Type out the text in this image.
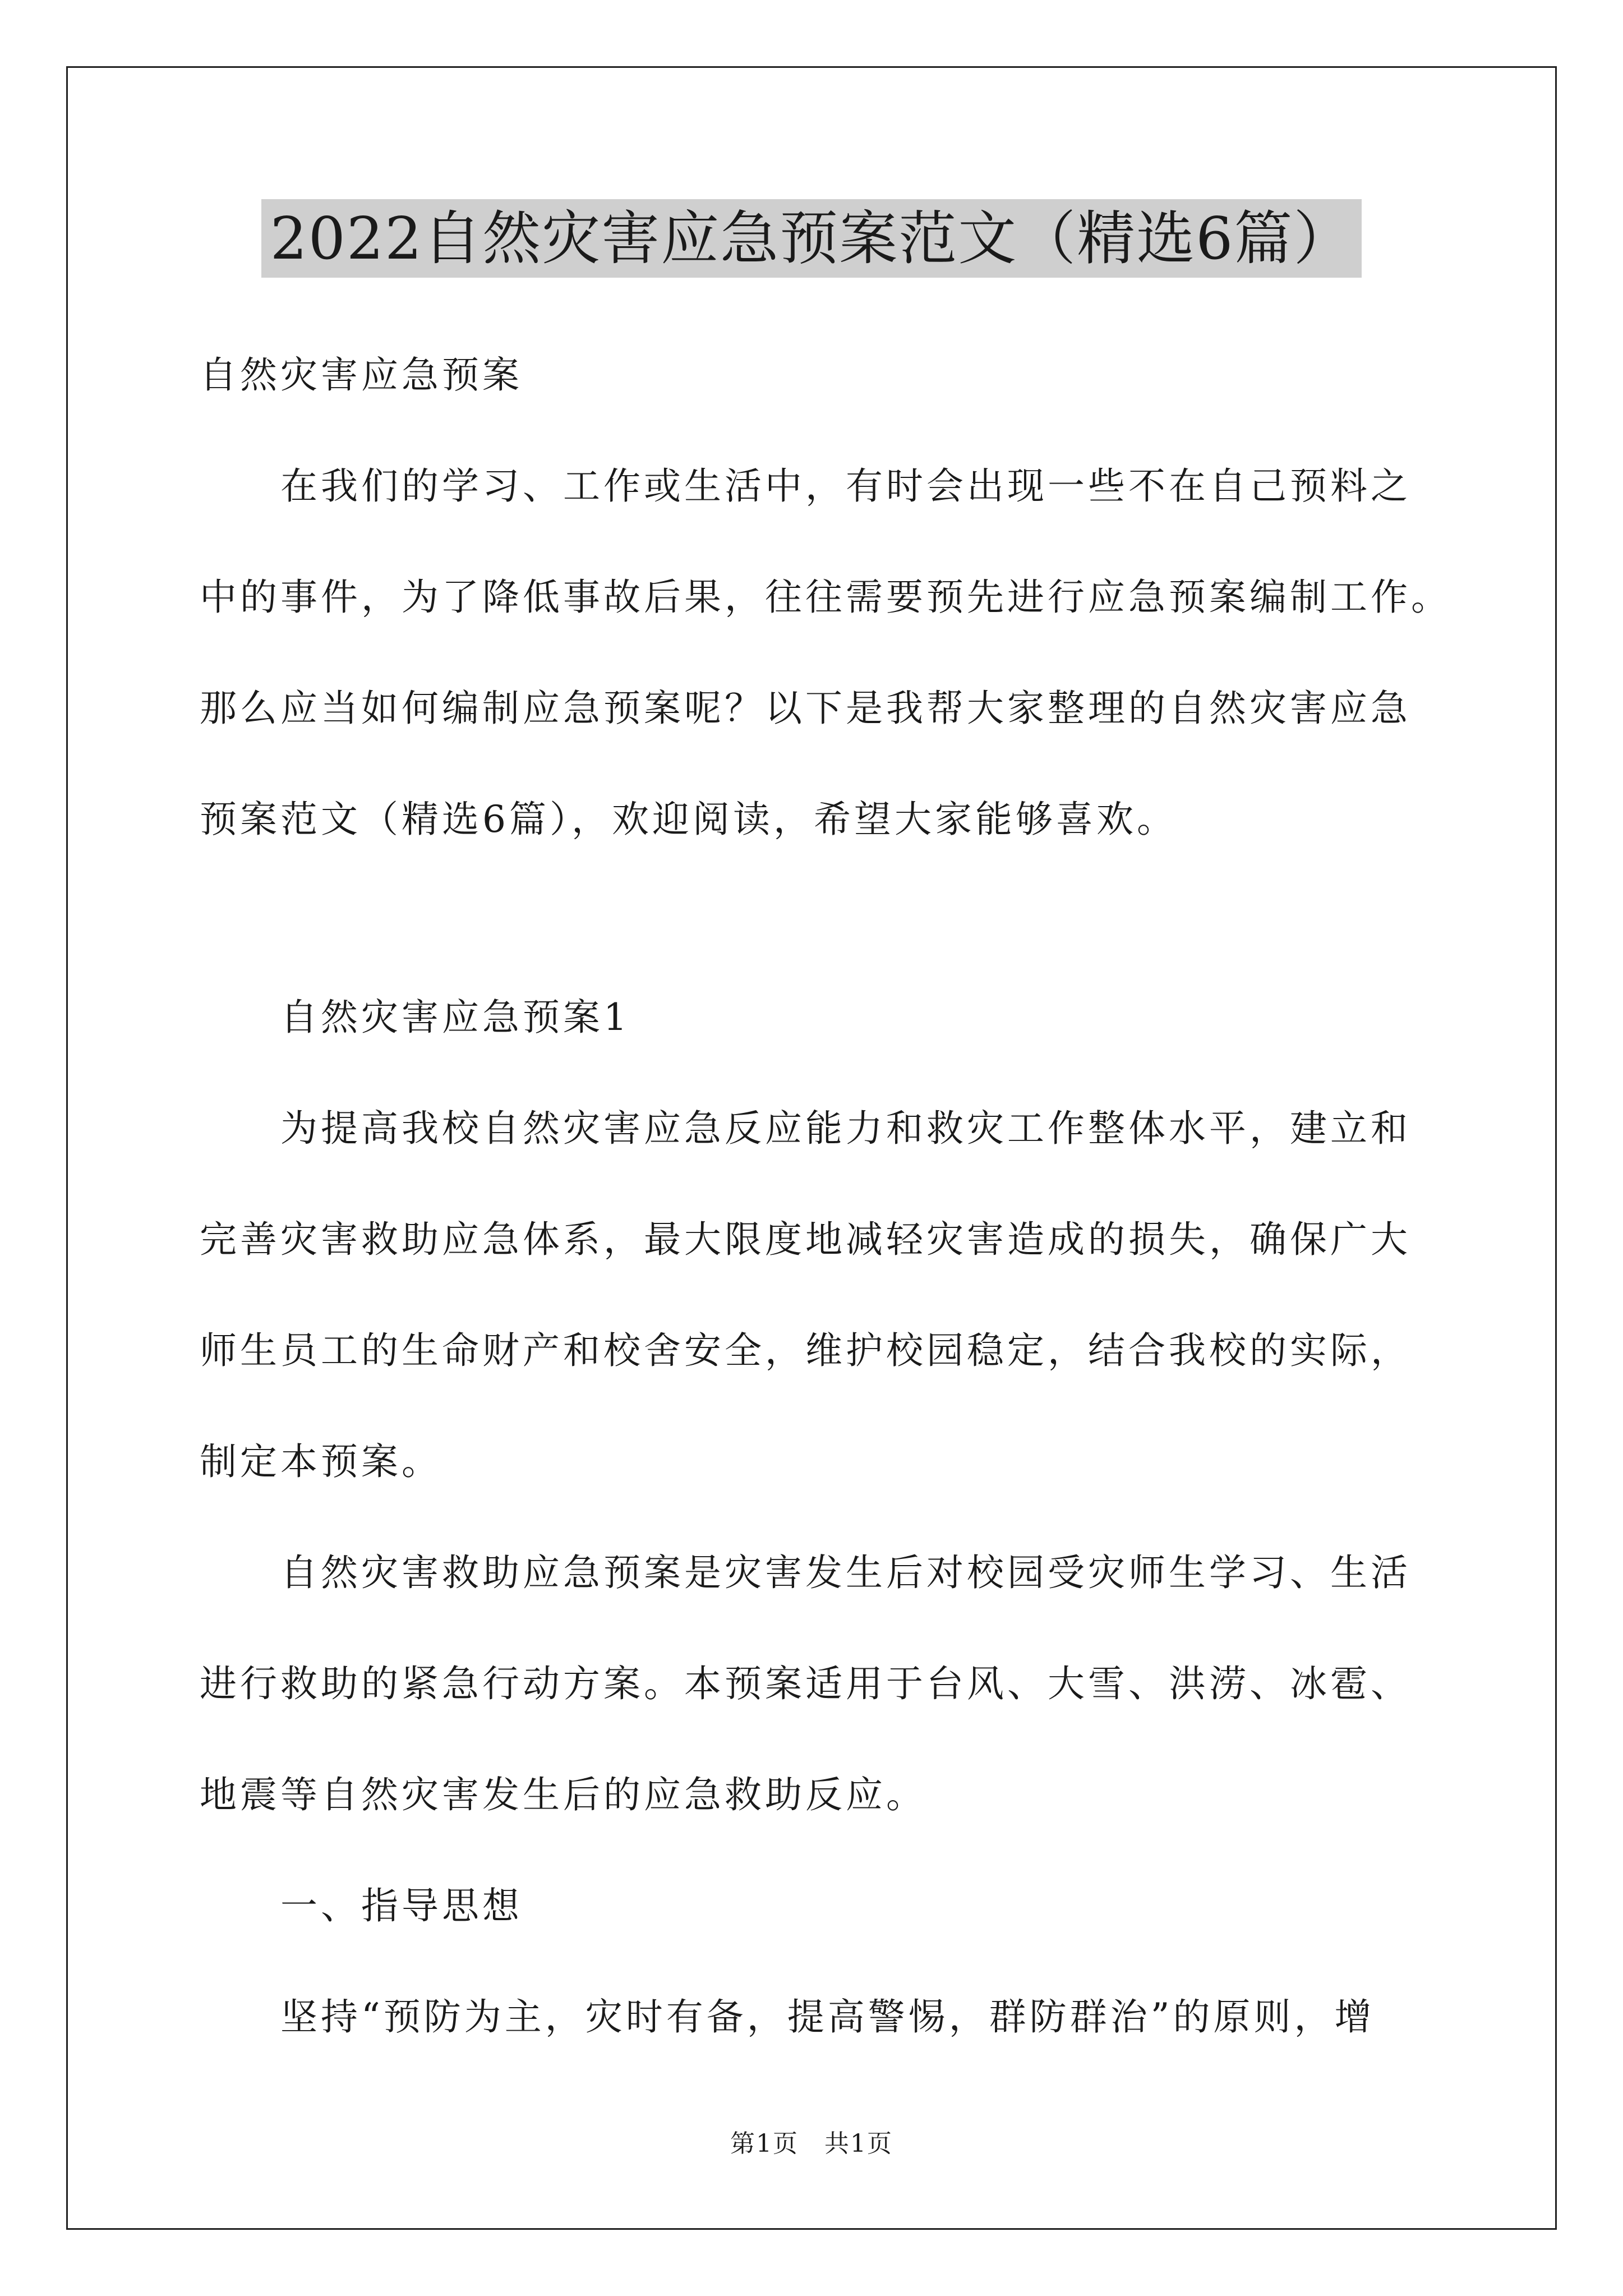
2022自然灾害应急预案范文（精选6篇）
自然灾害应急预案
在我们的学习、工作或生活中，有时会出现一些不在自己预料之
中的事件，为了降低事故后果，往往需要预先进行应急预案编制工作。
那么应当如何编制应急预案呢？以下是我帮大家整理的自然灾害应急
预案范文（精选6篇），欢迎阅读，希望大家能够喜欢。
自然灾害应急预案1
为提高我校自然灾害应急反应能力和救灾工作整体水平，建立和
完善灾害救助应急体系，最大限度地减轻灾害造成的损失，确保广大
师生员工的生命财产和校舍安全，维护校园稳定，结合我校的实际，
制定本预案。
自然灾害救助应急预案是灾害发生后对校园受灾师生学习、生活
进行救助的紧急行动方案。本预案适用于台风、大雪、洪涝、冰雹、
地震等自然灾害发生后的应急救助反应。
一、指导思想
坚持“预防为主，灾时有备，提高警惕，群防群治”的原则，增
第1页　共1页
